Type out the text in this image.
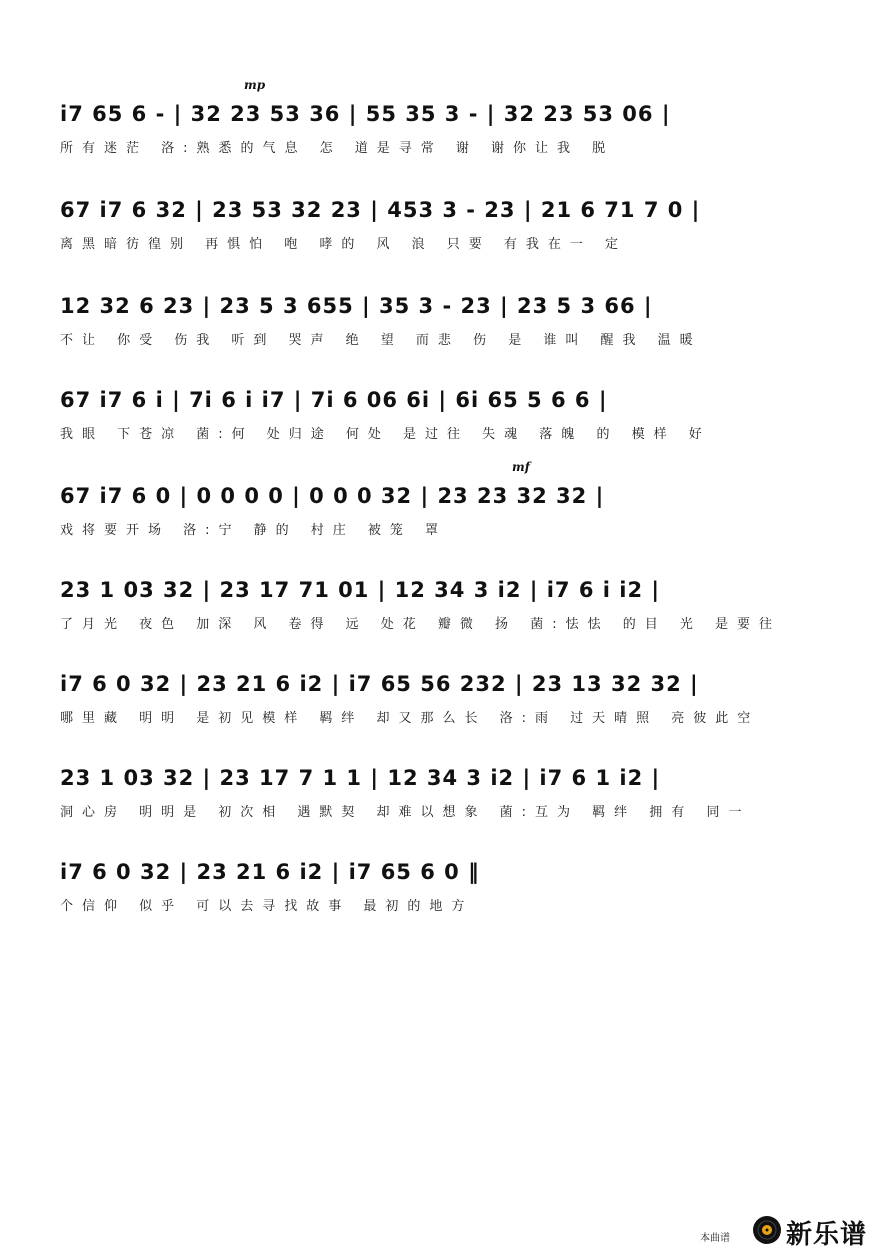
mp
i7 65 6 - | 32 23 53 36 | 55 35 3 - | 32 23 53 06 |
所有迷茫 洛:熟悉的气息 怎 道是寻常 谢 谢你让我 脱
67 i7 6 32 | 23 53 32 23 | 453 3 - 23 | 21 6 71 7 0 |
离黑暗彷徨别 再惧怕 咆 哮的 风 浪 只要 有我在一 定
12 32 6 23 | 23 5 3 655 | 35 3 - 23 | 23 5 3 66 |
不让 你受 伤我 听到 哭声 绝 望 而悲 伤 是 谁叫 醒我 温暖
67 i7 6 i | 7i 6 i i7 | 7i 6 06 6i | 6i 65 5 6 6 |
我眼 下苍凉 菌:何 处归途 何处 是过往 失魂 落魄 的 模样 好
mf
67 i7 6 0 | 0 0 0 0 | 0 0 0 32 | 23 23 32 32 |
戏将要开场 洛:宁 静的 村庄 被笼 罩
23 1 03 32 | 23 17 71 01 | 12 34 3 i2 | i7 6 i i2 |
了月光 夜色 加深 风 卷得 远 处花 瓣微 扬 菌:怯怯 的目 光 是要往
i7 6 0 32 | 23 21 6 i2 | i7 65 56 232 | 23 13 32 32 |
哪里藏 明明 是初见模样 羁绊 却又那么长 洛:雨 过天晴照 亮彼此空
23 1 03 32 | 23 17 7 1 1 | 12 34 3 i2 | i7 6 1 i2 |
洞心房 明明是 初次相 遇默契 却难以想象 菌:互为 羁绊 拥有 同一
i7 6 0 32 | 23 21 6 i2 | i7 65 6 0 ‖
个信仰 似乎 可以去寻找故事 最初的地方
本曲谱 新乐谱
